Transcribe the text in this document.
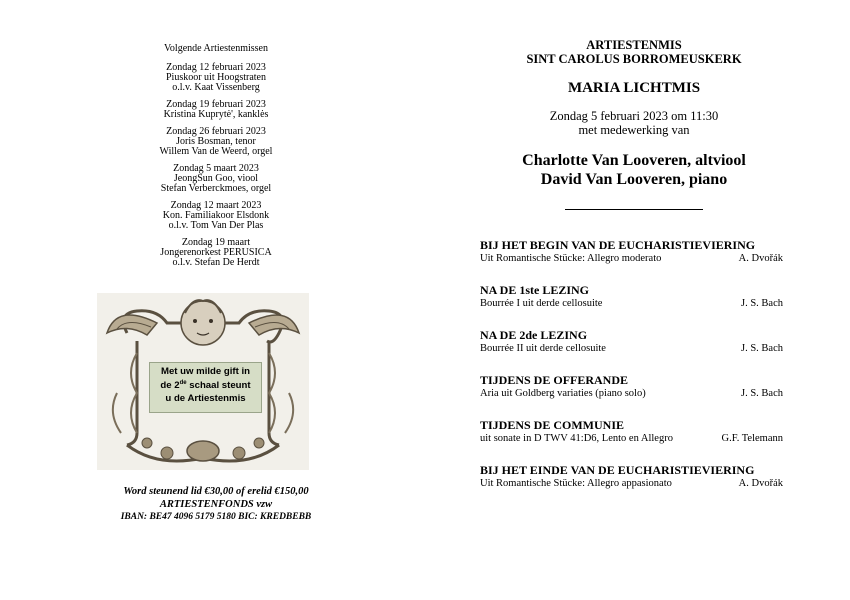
Volgende Artiestenmissen
Zondag 12 februari 2023
Piuskoor uit Hoogstraten
o.l.v. Kaat Vissenberg
Zondag 19 februari 2023
Kristina Kuprytė', kanklės
Zondag 26 februari 2023
Joris Bosman, tenor
Willem Van de Weerd, orgel
Zondag 5 maart 2023
JeongSun Goo, viool
Stefan Verberckmoes, orgel
Zondag 12 maart 2023
Kon. Familiakoor Elsdonk
o.l.v. Tom Van Der Plas
Zondag 19 maart
Jongerenorkest PERUSICA
o.l.v. Stefan De Herdt
Met uw milde gift in
de 2de schaal steunt
u de Artiestenmis
Word steunend lid €30,00 of erelid €150,00
ARTIESTENFONDS vzw
IBAN: BE47 4096 5179 5180 BIC: KREDBEBB
ARTIESTENMIS
SINT CAROLUS BORROMEUSKERK
MARIA LICHTMIS
Zondag 5 februari 2023 om 11:30
met medewerking van
Charlotte Van Looveren, altviool
David Van Looveren, piano
BIJ HET BEGIN VAN DE EUCHARISTIEVIERING
Uit Romantische Stücke: Allegro moderato	A. Dvořák
NA DE 1ste LEZING
Bourrée I uit derde cellosuite	J. S. Bach
NA DE 2de LEZING
Bourrée II uit derde cellosuite	J. S. Bach
TIJDENS DE OFFERANDE
Aria uit Goldberg variaties (piano solo)	J. S. Bach
TIJDENS DE COMMUNIE
uit sonate in D TWV 41:D6, Lento en Allegro	G.F. Telemann
BIJ HET EINDE VAN DE EUCHARISTIEVIERING
Uit Romantische Stücke: Allegro appasionato	A. Dvořák
